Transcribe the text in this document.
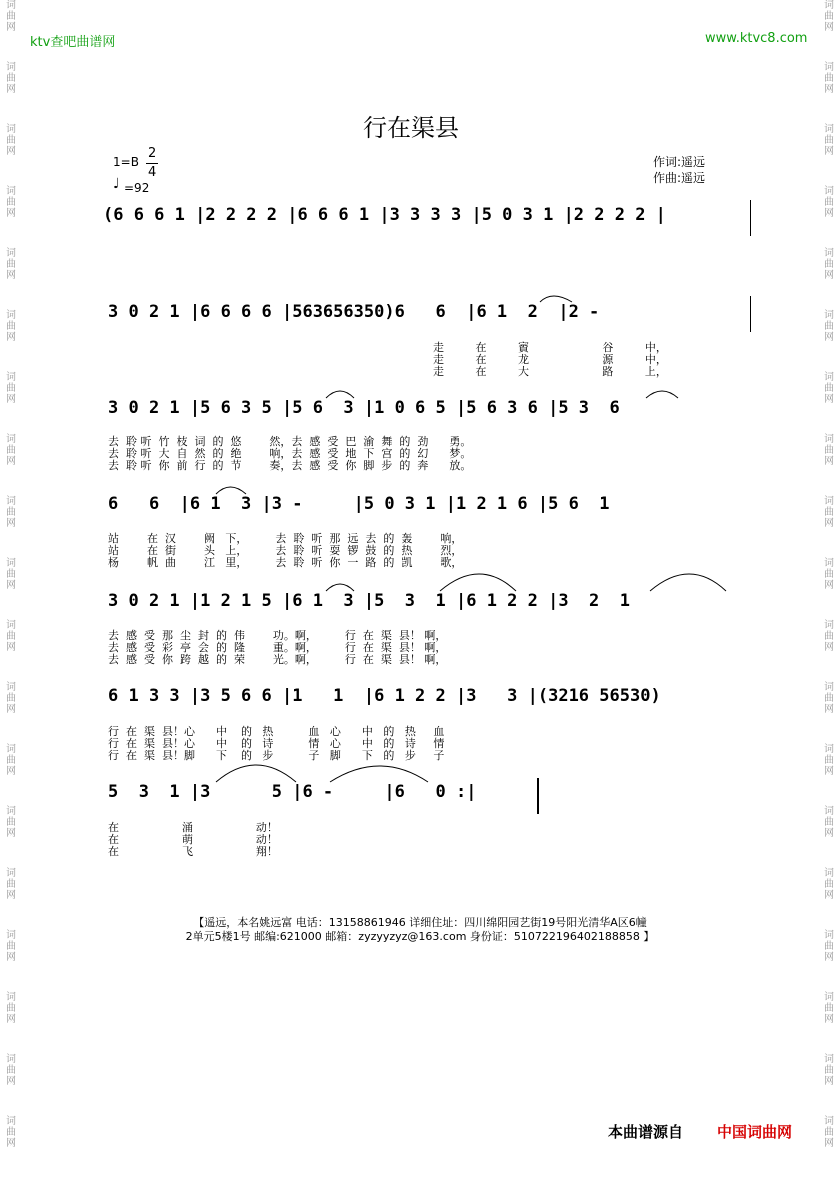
词
曲
网
词
曲
网
词
曲
网
词
曲
网
词
曲
网
词
曲
网
词
曲
网
词
曲
网
词
曲
网
词
曲
网
词
曲
网
词
曲
网
词
曲
网
词
曲
网
词
曲
网
词
曲
网
词
曲
网
词
曲
网
词
曲
网
词
曲
网
词
曲
网
词
曲
网
词
曲
网
词
曲
网
词
曲
网
词
曲
网
词
曲
网
词
曲
网
词
曲
网
词
曲
网
词
曲
网
词
曲
网
词
曲
网
词
曲
网
词
曲
网
词
曲
网
词
曲
网
词
曲
网
ktv查吧曲谱网	www.ktvc8.com
行在渠县
1=B
2
4
♩ =92
作词:遥远
作曲:遥远
(6 6 6 1 |2 2 2 2 |6 6 6 1 |3 3 3 3 |5 0 3 1 |2 2 2 2 |
3 0 2 1 |6 6 6 6 |563656350)6   6  |6 1  2  |2 -
3 0 2 1 |5 6 3 5 |5 6  3 |1 0 6 5 |5 6 3 6 |5 3  6
6   6  |6 1  3 |3 -     |5 0 3 1 |1 2 1 6 |5 6  1
3 0 2 1 |1 2 1 5 |6 1  3 |5  3  1 |6 1 2 2 |3  2  1
6 1 3 3 |3 5 6 6 |1   1  |6 1 2 2 |3   3 |(3216 56530)
5  3  1 |3      5 |6 -     |6   0 :|
走         在         賨                     谷         中，
走         在         龙                     源         中，
走         在         大                     路         上，
去  聆 听  竹  枝  词  的  悠        然，去  感  受  巴  渝  舞  的  劲      勇。
去  聆 听  大  自  然  的  绝        响，去  感  受  地  下  宫  的  幻      梦。
去  聆 听  你  前  行  的  节        奏，去  感  受  你  脚  步  的  奔      放。
站        在  汉        阙   下，        去  聆  听  那  远  去  的  轰        响，
站        在  街        头   上，        去  聆  听  耍  锣  鼓  的  热        烈，
杨        帆  曲        江   里，        去  聆  听  你  一  路  的  凯        歌，
去  感  受  那  尘  封  的  伟        功。啊，        行  在  渠  县！ 啊，
去  感  受  彩  亭  会  的  隆        重。啊，        行  在  渠  县！ 啊，
去  感  受  你  跨  越  的  荣        光。啊，        行  在  渠  县！ 啊，
行  在  渠  县！心      中    的   热          血   心      中   的   热     血
行  在  渠  县！心      中    的   诗          情   心      中   的   诗     情
行  在  渠  县！脚      下    的   步          子   脚      下   的   步     子
在                  涌                  动！
在                  萌                  动！
在                  飞                  翔！
【遥远，本名姚远富 电话：13158861946 详细住址：四川绵阳园艺街19号阳光清华A区6幢
2单元5楼1号 邮编:621000 邮箱：zyzyyzyz@163.com 身份证：510722196402188858 】
本曲谱源自 中国词曲网
